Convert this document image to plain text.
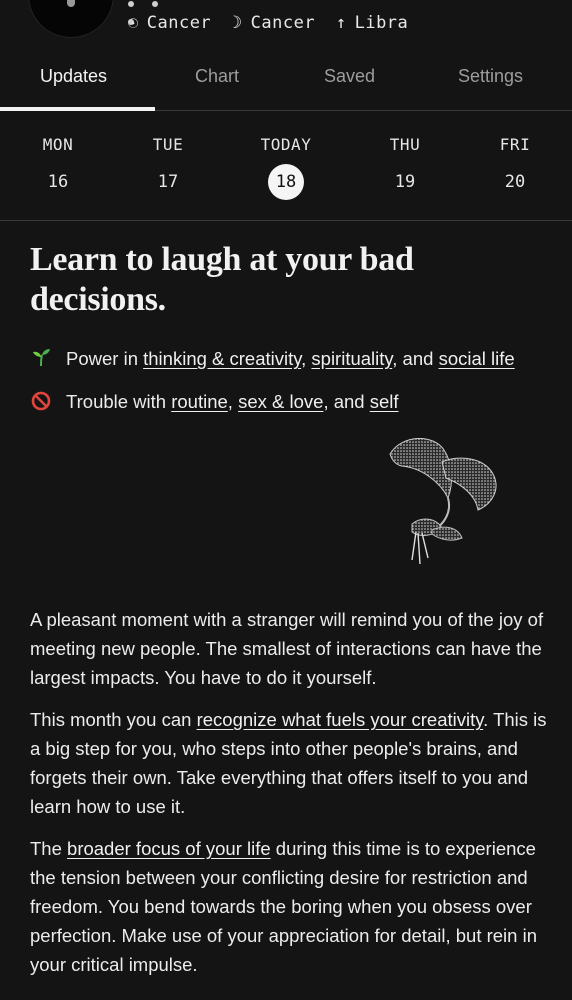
☉ Cancer ☽ Cancer ↑ Libra
Updates	Chart	Saved	Settings
MON
16
TUE
17
TODAY
18
THU
19
FRI
20
Learn to laugh at your bad decisions.
Power in thinking & creativity, spirituality, and social life
Trouble with routine, sex & love, and self

A pleasant moment with a stranger will remind you of the joy of meeting new people. The smallest of interactions can have the largest impacts. You have to do it yourself.

This month you can recognize what fuels your creativity. This is a big step for you, who steps into other people's brains, and forgets their own. Take everything that offers itself to you and learn how to use it.

The broader focus of your life during this time is to experience the tension between your conflicting desire for restriction and freedom. You bend towards the boring when you obsess over perfection. Make use of your appreciation for detail, but rein in your critical impulse.
